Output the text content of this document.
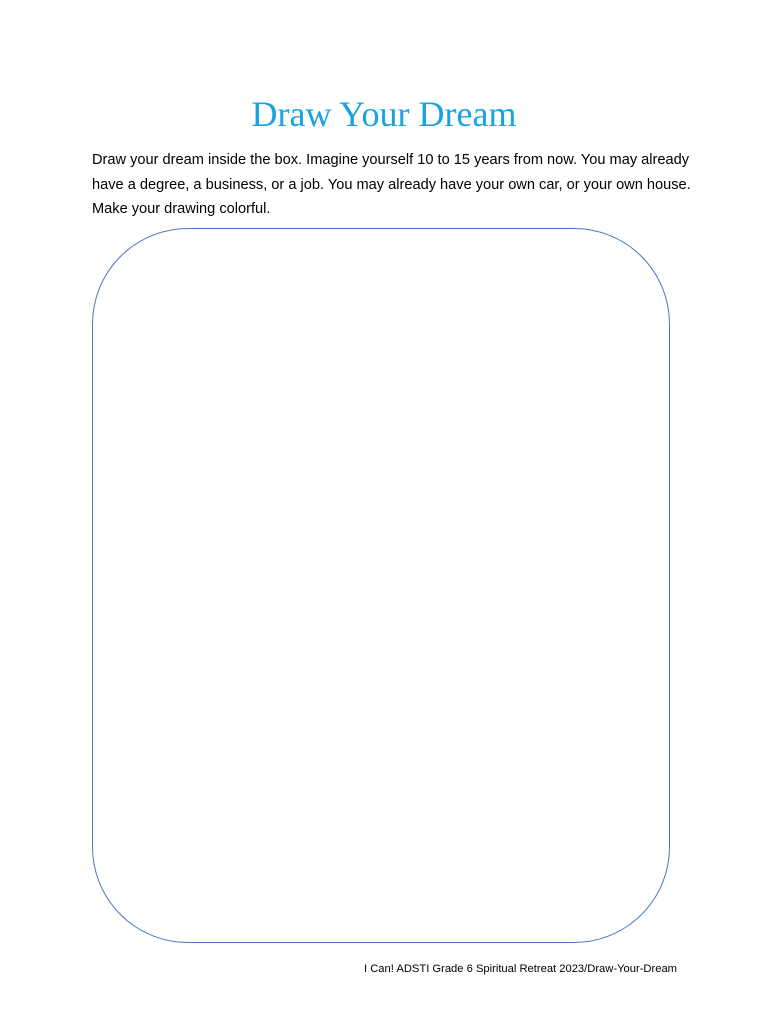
Draw Your Dream

Draw your dream inside the box. Imagine yourself 10 to 15 years from now. You may already have a degree, a business, or a job. You may already have your own car, or your own house. Make your drawing colorful.

I Can! ADSTI Grade 6 Spiritual Retreat 2023/Draw-Your-Dream
